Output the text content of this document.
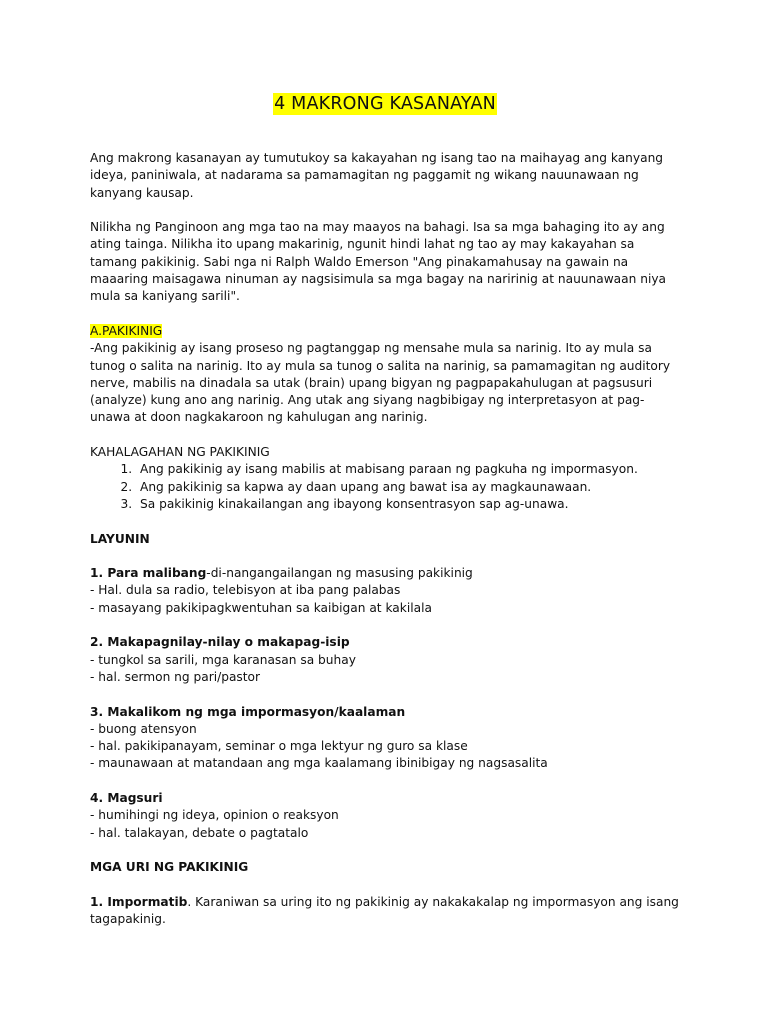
4 MAKRONG KASANAYAN

Ang makrong kasanayan ay tumutukoy sa kakayahan ng isang tao na maihayag ang kanyang ideya, paniniwala, at nadarama sa pamamagitan ng paggamit ng wikang nauunawaan ng kanyang kausap.

Nilikha ng Panginoon ang mga tao na may maayos na bahagi. Isa sa mga bahaging ito ay ang ating tainga. Nilikha ito upang makarinig, ngunit hindi lahat ng tao ay may kakayahan sa tamang pakikinig. Sabi nga ni Ralph Waldo Emerson "Ang pinakamahusay na gawain na maaaring maisagawa ninuman ay nagsisimula sa mga bagay na naririnig at nauunawaan niya mula sa kaniyang sarili".

A.PAKIKINIG

-Ang pakikinig ay isang proseso ng pagtanggap ng mensahe mula sa narinig. Ito ay mula sa tunog o salita na narinig. Ito ay mula sa tunog o salita na narinig, sa pamamagitan ng auditory nerve, mabilis na dinadala sa utak (brain) upang bigyan ng pagpapakahulugan at pagsusuri (analyze) kung ano ang narinig. Ang utak ang siyang nagbibigay ng interpretasyon at pag-unawa at doon nagkakaroon ng kahulugan ang narinig.

KAHALAGAHAN NG PAKIKINIG

1. Ang pakikinig ay isang mabilis at mabisang paraan ng pagkuha ng impormasyon.
2. Ang pakikinig sa kapwa ay daan upang ang bawat isa ay magkaunawaan.
3. Sa pakikinig kinakailangan ang ibayong konsentrasyon sap ag-unawa.

LAYUNIN

1. Para malibang-di-nangangailangan ng masusing pakikinig

- Hal. dula sa radio, telebisyon at iba pang palabas

- masayang pakikipagkwentuhan sa kaibigan at kakilala

2. Makapagnilay-nilay o makapag-isip

- tungkol sa sarili, mga karanasan sa buhay

- hal. sermon ng pari/pastor

3. Makalikom ng mga impormasyon/kaalaman

- buong atensyon

- hal. pakikipanayam, seminar o mga lektyur ng guro sa klase

- maunawaan at matandaan ang mga kaalamang ibinibigay ng nagsasalita

4. Magsuri

- humihingi ng ideya, opinion o reaksyon

- hal. talakayan, debate o pagtatalo

MGA URI NG PAKIKINIG

1. Impormatib. Karaniwan sa uring ito ng pakikinig ay nakakakalap ng impormasyon ang isang tagapakinig.
